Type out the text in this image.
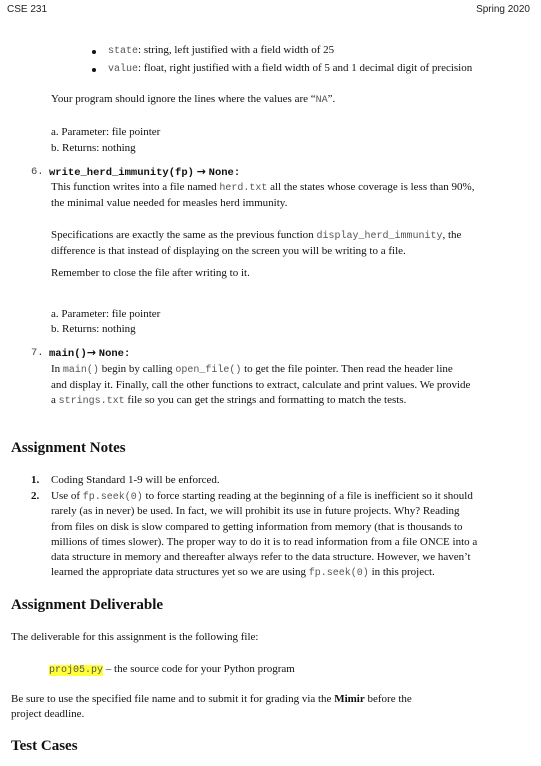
CSE 231	Spring 2020
state: string, left justified with a field width of 25
value: float, right justified with a field width of 5 and 1 decimal digit of precision
Your program should ignore the lines where the values are “NA”.
a. Parameter: file pointer
b. Returns: nothing
6. write_herd_immunity(fp) → None:
This function writes into a file named herd.txt all the states whose coverage is less than 90%,
the minimal value needed for measles herd immunity.
Specifications are exactly the same as the previous function display_herd_immunity, the
difference is that instead of displaying on the screen you will be writing to a file.
Remember to close the file after writing to it.
a. Parameter: file pointer
b. Returns: nothing
7. main()→ None:
In main() begin by calling open_file() to get the file pointer. Then read the header line
and display it. Finally, call the other functions to extract, calculate and print values. We provide
a strings.txt file so you can get the strings and formatting to match the tests.
Assignment Notes
1. Coding Standard 1-9 will be enforced.
2. Use of fp.seek(0) to force starting reading at the beginning of a file is inefficient so it should
rarely (as in never) be used. In fact, we will prohibit its use in future projects. Why? Reading
from files on disk is slow compared to getting information from memory (that is thousands to
millions of times slower). The proper way to do it is to read information from a file ONCE into a
data structure in memory and thereafter always refer to the data structure. However, we haven’t
learned the appropriate data structures yet so we are using fp.seek(0) in this project.
Assignment Deliverable
The deliverable for this assignment is the following file:
proj05.py – the source code for your Python program
Be sure to use the specified file name and to submit it for grading via the Mimir before the
project deadline.
Test Cases
